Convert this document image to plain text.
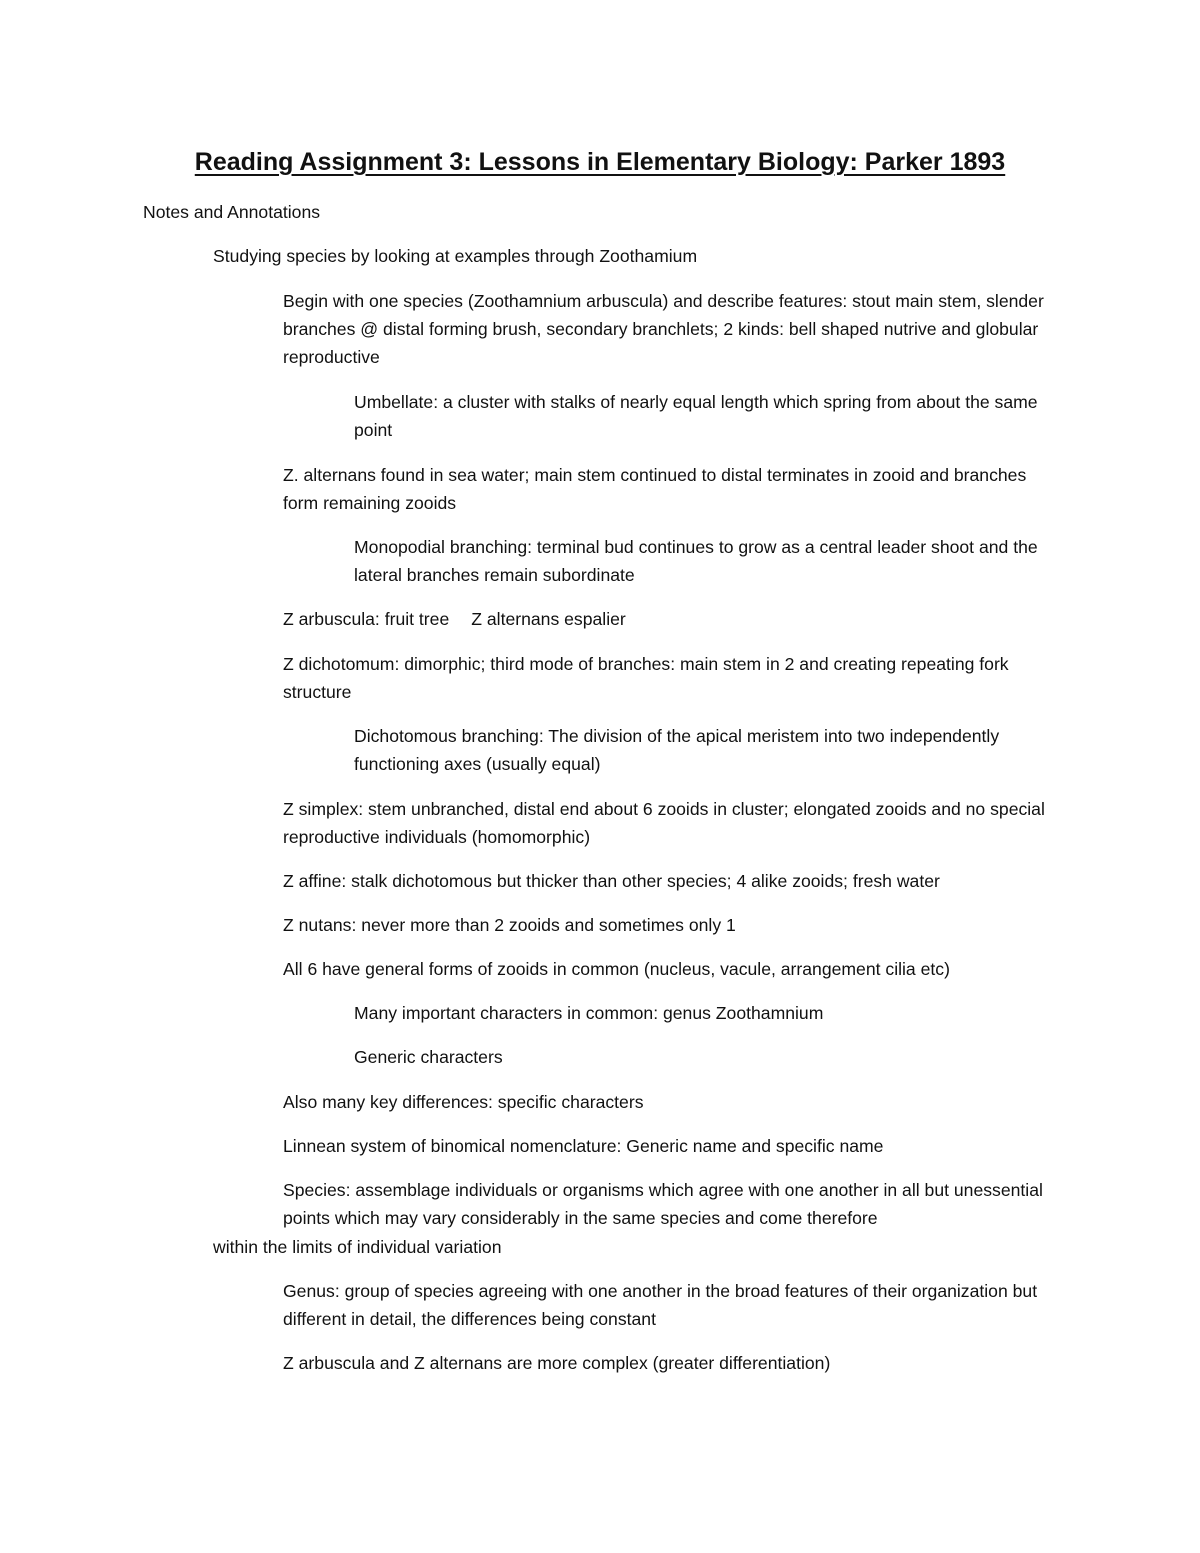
Reading Assignment 3: Lessons in Elementary Biology: Parker 1893

Notes and Annotations

Studying species by looking at examples through Zoothamium

Begin with one species (Zoothamnium arbuscula) and describe features: stout main stem, slender branches @ distal forming brush, secondary branchlets; 2 kinds: bell shaped nutrive and globular reproductive

Umbellate: a cluster with stalks of nearly equal length which spring from about the same point

Z. alternans found in sea water; main stem continued to distal terminates in zooid and branches form remaining zooids

Monopodial branching: terminal bud continues to grow as a central leader shoot and the lateral branches remain subordinate

Z arbuscula: fruit tree Z alternans espalier

Z dichotomum: dimorphic; third mode of branches: main stem in 2 and creating repeating fork structure

Dichotomous branching: The division of the apical meristem into two independently functioning axes (usually equal)

Z simplex: stem unbranched, distal end about 6 zooids in cluster; elongated zooids and no special reproductive individuals (homomorphic)

Z affine: stalk dichotomous but thicker than other species; 4 alike zooids; fresh water

Z nutans: never more than 2 zooids and sometimes only 1

All 6 have general forms of zooids in common (nucleus, vacule, arrangement cilia etc)

Many important characters in common: genus Zoothamnium

Generic characters

Also many key differences: specific characters

Linnean system of binomical nomenclature: Generic name and specific name

Species: assemblage individuals or organisms which agree with one another in all but unessential points which may vary considerably in the same species and come therefore

within the limits of individual variation

Genus: group of species agreeing with one another in the broad features of their organization but different in detail, the differences being constant

Z arbuscula and Z alternans are more complex (greater differentiation)
